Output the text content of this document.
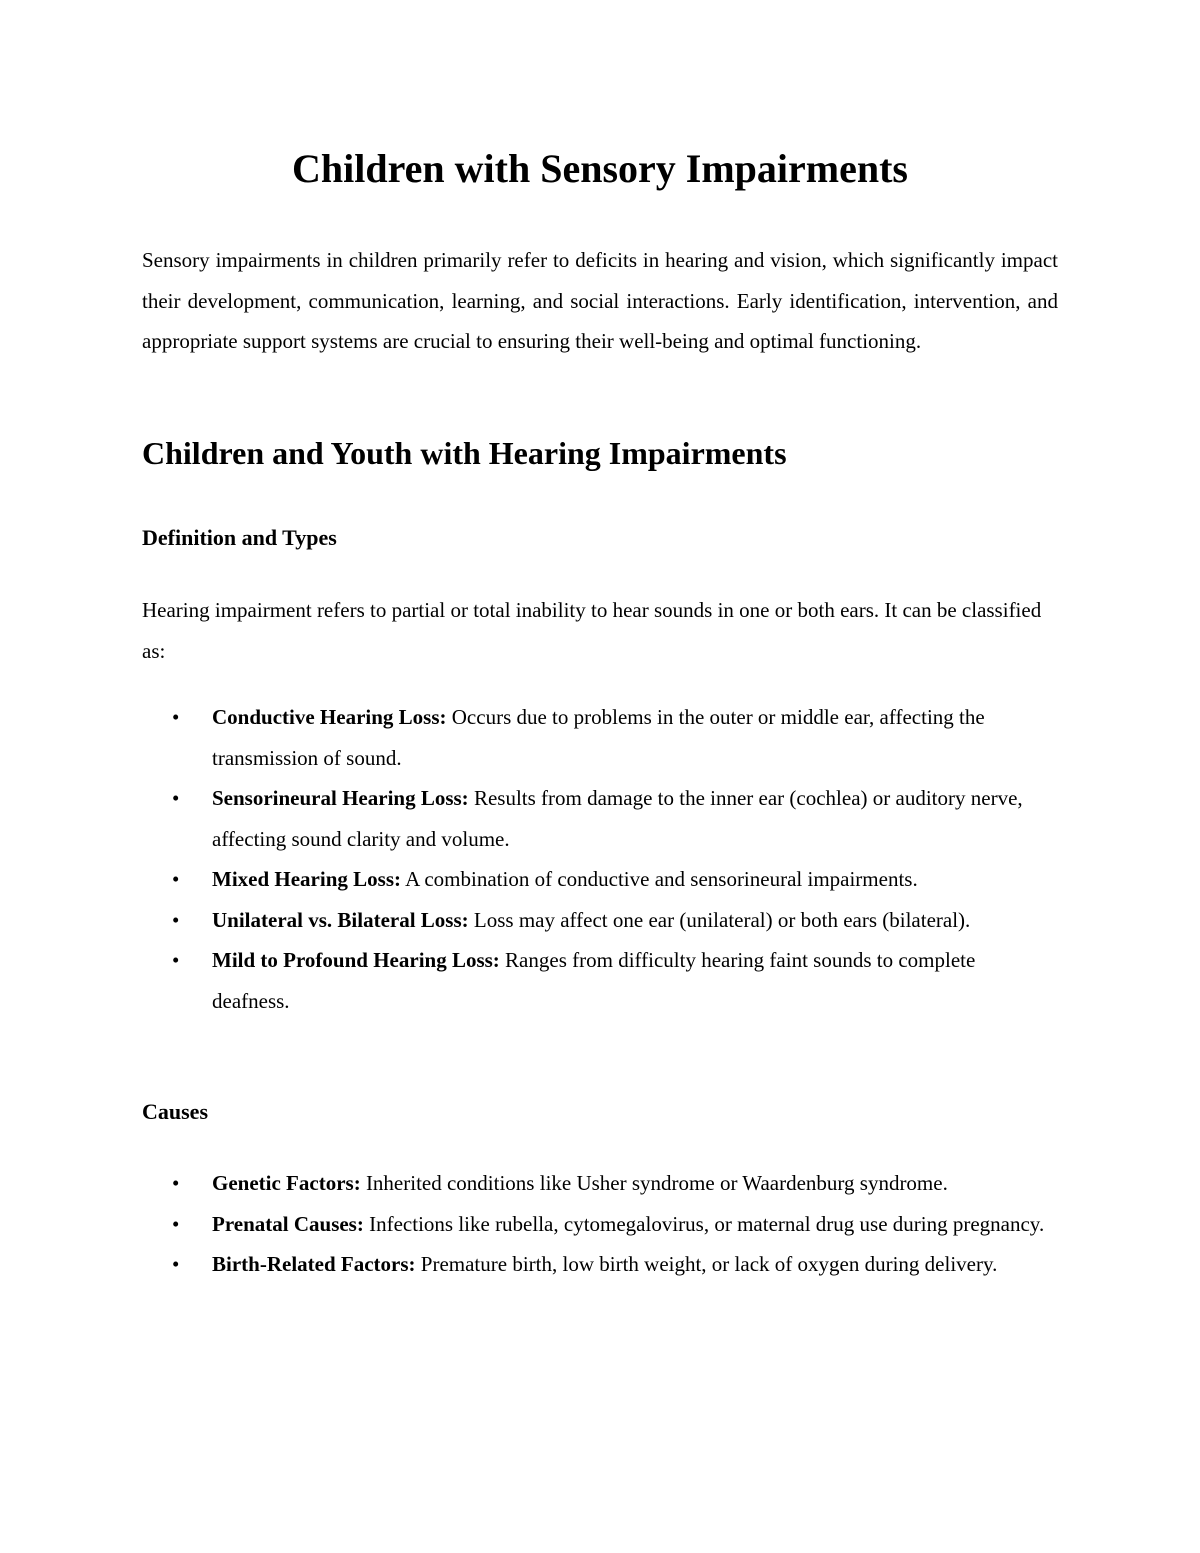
Children with Sensory Impairments

Sensory impairments in children primarily refer to deficits in hearing and vision, which significantly impact their development, communication, learning, and social interactions. Early identification, intervention, and appropriate support systems are crucial to ensuring their well-being and optimal functioning.

Children and Youth with Hearing Impairments
Definition and Types

Hearing impairment refers to partial or total inability to hear sounds in one or both ears. It can be classified as:

• Conductive Hearing Loss: Occurs due to problems in the outer or middle ear, affecting the transmission of sound.
• Sensorineural Hearing Loss: Results from damage to the inner ear (cochlea) or auditory nerve, affecting sound clarity and volume.
• Mixed Hearing Loss: A combination of conductive and sensorineural impairments.
• Unilateral vs. Bilateral Loss: Loss may affect one ear (unilateral) or both ears (bilateral).
• Mild to Profound Hearing Loss: Ranges from difficulty hearing faint sounds to complete deafness.
Causes
• Genetic Factors: Inherited conditions like Usher syndrome or Waardenburg syndrome.
• Prenatal Causes: Infections like rubella, cytomegalovirus, or maternal drug use during pregnancy.
• Birth-Related Factors: Premature birth, low birth weight, or lack of oxygen during delivery.
